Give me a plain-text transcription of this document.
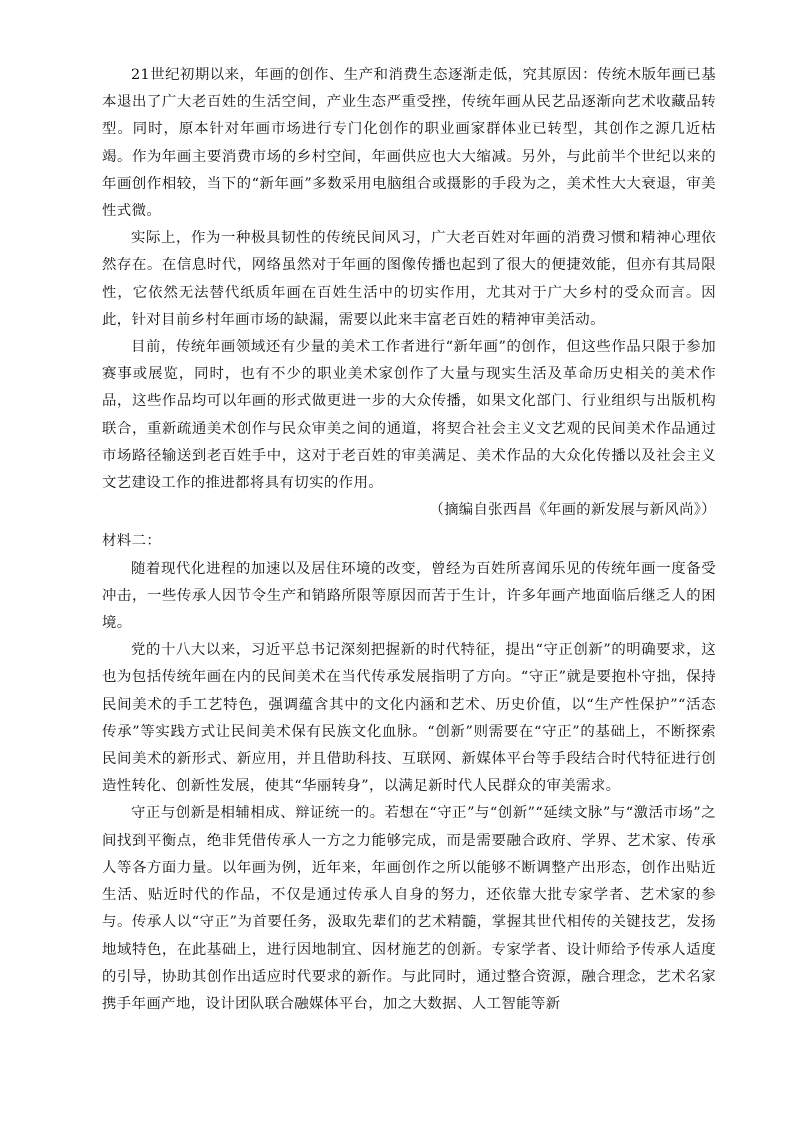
21世纪初期以来，年画的创作、生产和消费生态逐渐走低，究其原因：传统木版年画已基本退出了广大老百姓的生活空间，产业生态严重受挫，传统年画从民艺品逐渐向艺术收藏品转型。同时，原本针对年画市场进行专门化创作的职业画家群体业已转型，其创作之源几近枯竭。作为年画主要消费市场的乡村空间，年画供应也大大缩减。另外，与此前半个世纪以来的年画创作相较，当下的“新年画”多数采用电脑组合或摄影的手段为之，美术性大大衰退，审美性式微。

实际上，作为一种极具韧性的传统民间风习，广大老百姓对年画的消费习惯和精神心理依然存在。在信息时代，网络虽然对于年画的图像传播也起到了很大的便捷效能，但亦有其局限性，它依然无法替代纸质年画在百姓生活中的切实作用，尤其对于广大乡村的受众而言。因此，针对目前乡村年画市场的缺漏，需要以此来丰富老百姓的精神审美活动。

目前，传统年画领域还有少量的美术工作者进行“新年画”的创作，但这些作品只限于参加赛事或展览，同时，也有不少的职业美术家创作了大量与现实生活及革命历史相关的美术作品，这些作品均可以年画的形式做更进一步的大众传播，如果文化部门、行业组织与出版机构联合，重新疏通美术创作与民众审美之间的通道，将契合社会主义文艺观的民间美术作品通过市场路径输送到老百姓手中，这对于老百姓的审美满足、美术作品的大众化传播以及社会主义文艺建设工作的推进都将具有切实的作用。

（摘编自张西昌《年画的新发展与新风尚》）

材料二：

随着现代化进程的加速以及居住环境的改变，曾经为百姓所喜闻乐见的传统年画一度备受冲击，一些传承人因节令生产和销路所限等原因而苦于生计，许多年画产地面临后继乏人的困境。

党的十八大以来，习近平总书记深刻把握新的时代特征，提出“守正创新”的明确要求，这也为包括传统年画在内的民间美术在当代传承发展指明了方向。“守正”就是要抱朴守拙，保持民间美术的手工艺特色，强调蕴含其中的文化内涵和艺术、历史价值，以“生产性保护”“活态传承”等实践方式让民间美术保有民族文化血脉。“创新”则需要在“守正”的基础上，不断探索民间美术的新形式、新应用，并且借助科技、互联网、新媒体平台等手段结合时代特征进行创造性转化、创新性发展，使其“华丽转身”，以满足新时代人民群众的审美需求。

守正与创新是相辅相成、辩证统一的。若想在“守正”与“创新”“延续文脉”与“激活市场”之间找到平衡点，绝非凭借传承人一方之力能够完成，而是需要融合政府、学界、艺术家、传承人等各方面力量。以年画为例，近年来，年画创作之所以能够不断调整产出形态，创作出贴近生活、贴近时代的作品，不仅是通过传承人自身的努力，还依靠大批专家学者、艺术家的参与。传承人以“守正”为首要任务，汲取先辈们的艺术精髓，掌握其世代相传的关键技艺，发扬地域特色，在此基础上，进行因地制宜、因材施艺的创新。专家学者、设计师给予传承人适度的引导，协助其创作出适应时代要求的新作。与此同时，通过整合资源，融合理念，艺术名家携手年画产地，设计团队联合融媒体平台，加之大数据、人工智能等新
